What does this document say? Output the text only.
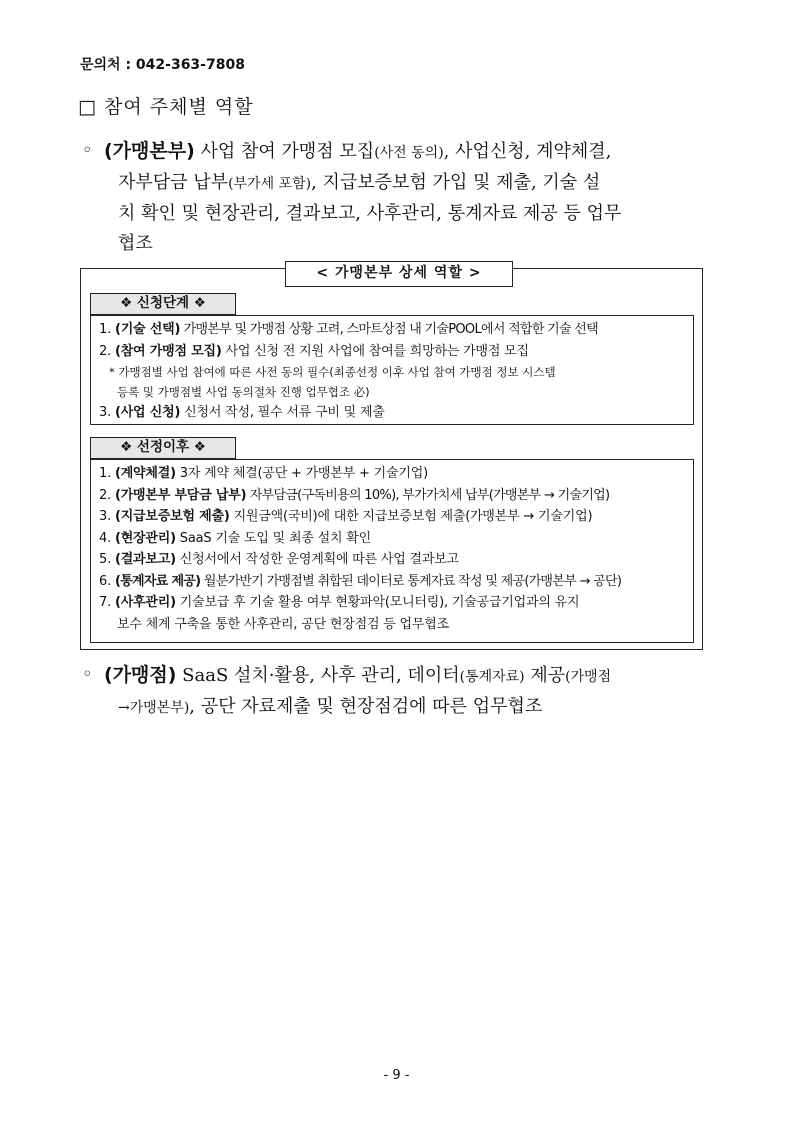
문의처 : 042-363-7808
□ 참여 주체별 역할
◦ (가맹본부) 사업 참여 가맹점 모집(사전 동의), 사업신청, 계약체결,
자부담금 납부(부가세 포함), 지급보증보험 가입 및 제출, 기술 설
치 확인 및 현장관리, 결과보고, 사후관리, 통계자료 제공 등 업무
협조
< 가맹본부 상세 역할 >
❖ 신청단계 ❖
1. (기술 선택) 가맹본부 및 가맹점 상황 고려, 스마트상점 내 기술POOL에서 적합한 기술 선택
2. (참여 가맹점 모집) 사업 신청 전 지원 사업에 참여를 희망하는 가맹점 모집
* 가맹점별 사업 참여에 따른 사전 동의 필수(최종선정 이후 사업 참여 가맹점 정보 시스템
등록 및 가맹점별 사업 동의절차 진행 업무협조 必)
3. (사업 신청) 신청서 작성, 필수 서류 구비 및 제출
❖ 선정이후 ❖
1. (계약체결) 3자 계약 체결(공단 + 가맹본부 + 기술기업)
2. (가맹본부 부담금 납부) 자부담금(구독비용의 10%), 부가가치세 납부(가맹본부 → 기술기업)
3. (지급보증보험 제출) 지원금액(국비)에 대한 지급보증보험 제출(가맹본부 → 기술기업)
4. (현장관리) SaaS 기술 도입 및 최종 설치 확인
5. (결과보고) 신청서에서 작성한 운영계획에 따른 사업 결과보고
6. (통계자료 제공) 월분가반기 가맹점별 취합된 데이터로 통계자료 작성 및 제공(가맹본부 → 공단)
7. (사후관리) 기술보급 후 기술 활용 여부 현황파악(모니터링), 기술공급기업과의 유지
보수 체계 구축을 통한 사후관리, 공단 현장점검 등 업무협조
◦ (가맹점) SaaS 설치·활용, 사후 관리, 데이터(통계자료) 제공(가맹점
→가맹본부), 공단 자료제출 및 현장점검에 따른 업무협조
- 9 -
